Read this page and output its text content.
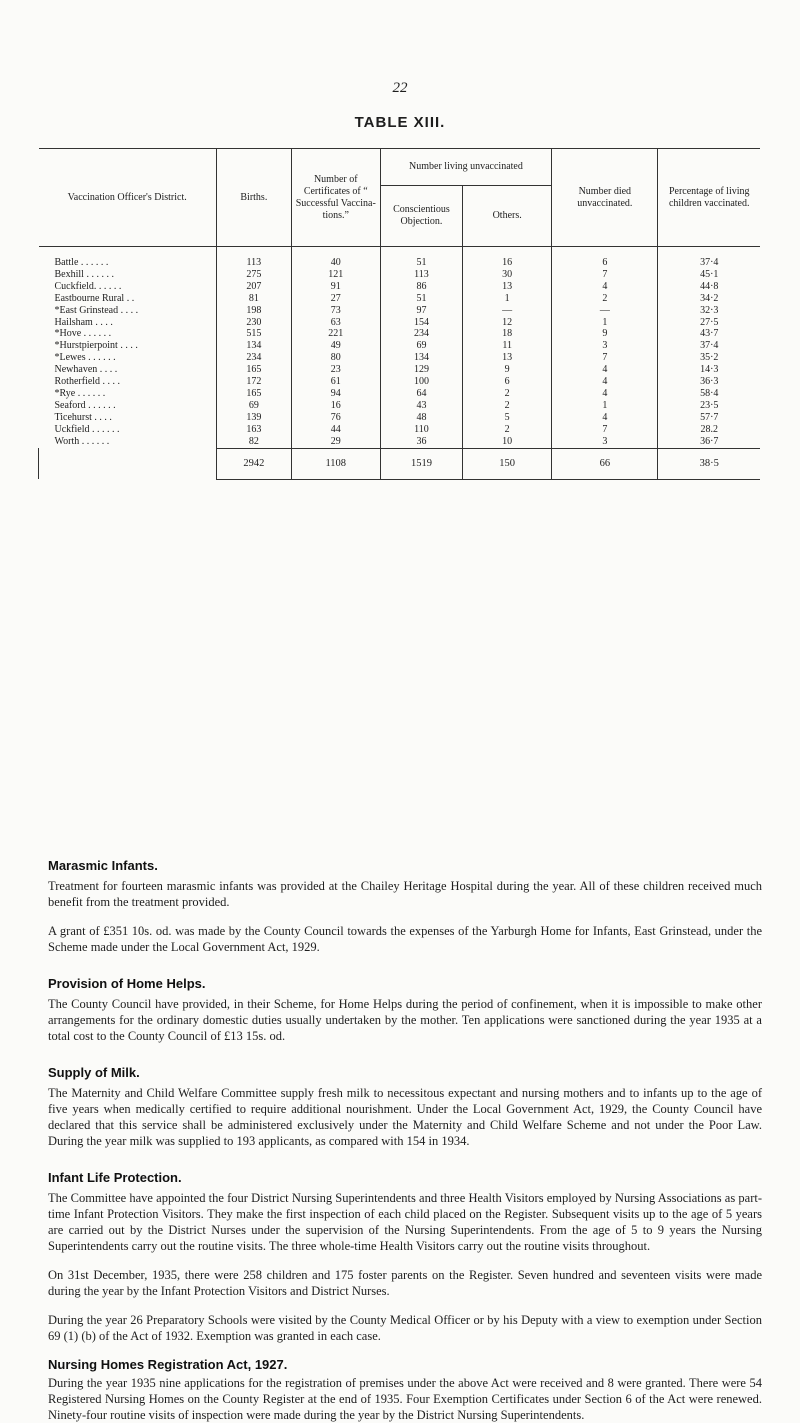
22
TABLE XIII.
Vaccination Officer's District.	Births.	Number of Certificates of “ Successful Vaccina- tions.”	Number living unvaccinated		Number died unvaccinated.	Percentage of living children vaccinated.
			Conscientious Objection.	Others.		
Battle . . . . . .	113	40	51	16	6	37·4
Bexhill . . . . . .	275	121	113	30	7	45·1
Cuckfield. . . . . .	207	91	86	13	4	44·8
Eastbourne Rural . .	81	27	51	1	2	34·2
*East Grinstead . . . .	198	73	97	—	—	32·3
Hailsham . . . .	230	63	154	12	1	27·5
*Hove . . . . . .	515	221	234	18	9	43·7
*Hurstpierpoint . . . .	134	49	69	11	3	37·4
*Lewes . . . . . .	234	80	134	13	7	35·2
Newhaven . . . .	165	23	129	9	4	14·3
Rotherfield . . . .	172	61	100	6	4	36·3
*Rye . . . . . .	165	94	64	2	4	58·4
Seaford . . . . . .	69	16	43	2	1	23·5
Ticehurst . . . .	139	76	48	5	4	57·7
Uckfield . . . . . .	163	44	110	2	7	28.2
Worth . . . . . .	82	29	36	10	3	36·7
	2942	1108	1519	150	66	38·5
Marasmic Infants.

Treatment for fourteen marasmic infants was provided at the Chailey Heritage Hospital during the year. All of these children received much benefit from the treatment provided.

A grant of £351 10s. od. was made by the County Council towards the expenses of the Yarburgh Home for Infants, East Grinstead, under the Scheme made under the Local Government Act, 1929.

Provision of Home Helps.

The County Council have provided, in their Scheme, for Home Helps during the period of confinement, when it is impossible to make other arrangements for the ordinary domestic duties usually undertaken by the mother. Ten applications were sanctioned during the year 1935 at a total cost to the County Council of £13 15s. od.

Supply of Milk.

The Maternity and Child Welfare Committee supply fresh milk to necessitous expectant and nursing mothers and to infants up to the age of five years when medically certified to require additional nourishment. Under the Local Government Act, 1929, the County Council have declared that this service shall be administered exclusively under the Maternity and Child Welfare Scheme and not under the Poor Law. During the year milk was supplied to 193 applicants, as compared with 154 in 1934.

Infant Life Protection.

The Committee have appointed the four District Nursing Superintendents and three Health Visitors employed by Nursing Associations as part-time Infant Protection Visitors. They make the first inspection of each child placed on the Register. Subsequent visits up to the age of 5 years are carried out by the District Nurses under the supervision of the Nursing Superintendents. From the age of 5 to 9 years the Nursing Superintendents carry out the routine visits. The three whole-time Health Visitors carry out the routine visits throughout.

On 31st December, 1935, there were 258 children and 175 foster parents on the Register. Seven hundred and seventeen visits were made during the year by the Infant Protection Visitors and District Nurses.

During the year 26 Preparatory Schools were visited by the County Medical Officer or by his Deputy with a view to exemption under Section 69 (1) (b) of the Act of 1932. Exemption was granted in each case.

Nursing Homes Registration Act, 1927.

During the year 1935 nine applications for the registration of premises under the above Act were received and 8 were granted. There were 54 Registered Nursing Homes on the County Register at the end of 1935. Four Exemption Certificates under Section 6 of the Act were renewed. Ninety-four routine visits of inspection were made during the year by the District Nursing Superintendents.
